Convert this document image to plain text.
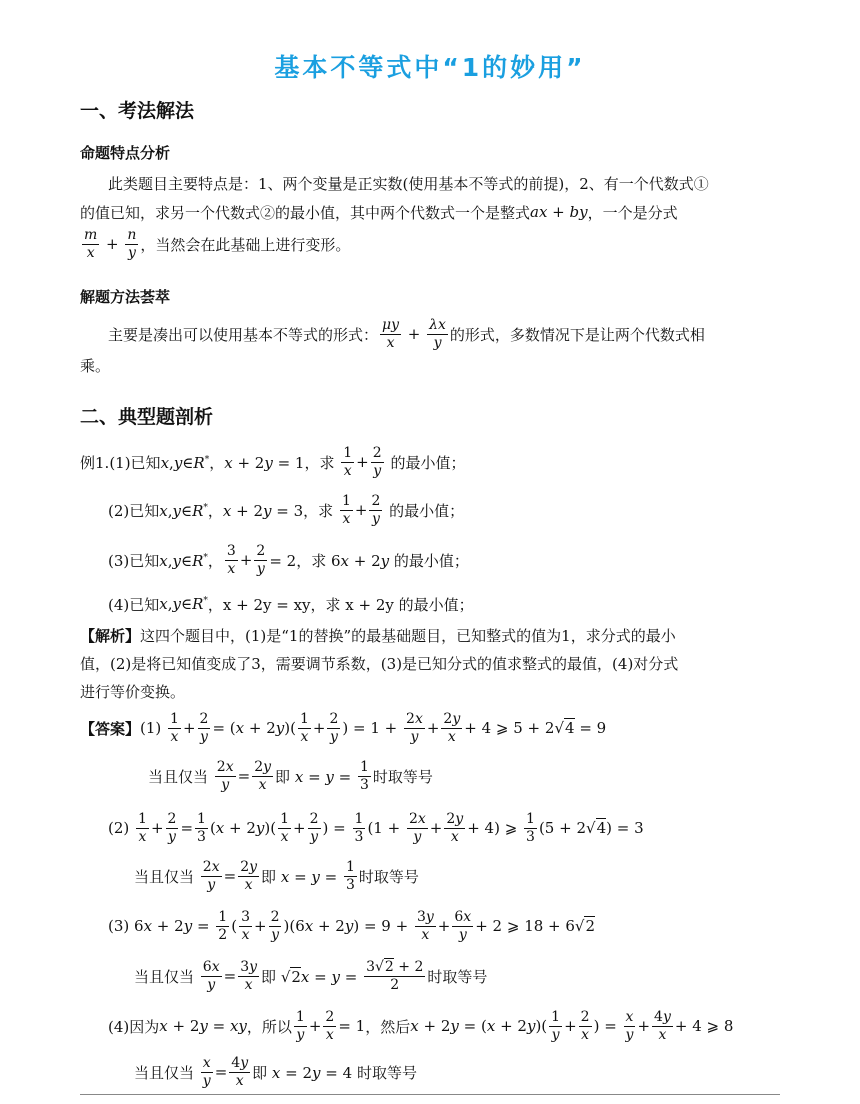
基本不等式中“1的妙用”
一、考法解法
命题特点分析
此类题目主要特点是：1、两个变量是正实数(使用基本不等式的前提)，2、有一个代数式①
的值已知，求另一个代数式②的最小值，其中两个代数式一个是整式 ax + by ，一个是分式
$\frac{m}{x} + \frac{n}{y}$ ，当然会在此基础上进行变形。
解题方法荟萃
主要是凑出可以使用基本不等式的形式： $\frac{\mu y}{x} + \frac{\lambda x}{y}$ 的形式，多数情况下是让两个代数式相
乘。
二、典型题剖析
例1. (1)已知 x,y∈R*，x + 2y = 1，求 $\frac{1}{x} + \frac{2}{y}$ 的最小值；
(2)已知 x,y∈R*，x + 2y = 3，求 $\frac{1}{x} + \frac{2}{y}$ 的最小值；
(3)已知 x,y∈R*， $\frac{3}{x} + \frac{2}{y} = 2$，求 6x + 2y 的最小值；
(4)已知 x,y∈R* ，x + 2y = xy，求 x + 2y 的最小值；
【解析】这四个题目中，(1)是“1的替换”的最基础题目，已知整式的值为1，求分式的最小
值，(2)是将已知值变成了3，需要调节系数，(3)是已知分式的值求整式的最值，(4)对分式
进行等价变换。
【答案】 $(1) \frac{1}{x} + \frac{2}{y} = (x + 2y)( \frac{1}{x} + \frac{2}{y}$ ) = $1 + \frac{2x}{y} + \frac{2y}{x} + 4$ ⩾ 5 + 2√4 = 9
当且仅当
$\frac{2x}{y} = \frac{2y}{x}$ 即 $x = y = \frac{1}{3}$ 时取等号
$(2) \frac{1}{x} + \frac{2}{y} = \frac{1}{3} (x + 2y)( \frac{1}{x} + \frac{2}{y}$ ) = $\frac{1}{3} (1 + \frac{2x}{y} + \frac{2y}{x} + 4)$ ⩾ $\frac{1}{3} (5 + 2√4) = 3$
当且仅当
$\frac{2x}{y} = \frac{2y}{x}$ 即 $x = y = \frac{1}{3}$ 时取等号
(3) $6x + 2y = \frac{1}{2}$ ( $\frac{3}{x} + \frac{2}{y} )(6x + 2y) = 9 + \frac{3y}{x} + \frac{6x}{y} + 2$ ⩾ 18 + 6√2
当且仅当
$\frac{6x}{y} = \frac{3y}{x}$ 即 $√2x = y = \frac{3√2 + 2}{2}$ 时取等号
(4)因为 x + 2y = xy ，所以 $\frac{1}{y} + \frac{2}{x} = 1$ ，然后 $x + 2y = (x + 2y)( \frac{1}{y} + \frac{2}{x}$ ) = $\frac{x}{y} + \frac{4y}{x} + 4$ ⩾ 8
当且仅当
$\frac{x}{y} = \frac{4y}{x}$ 即 x = 2y = 4 时取等号
